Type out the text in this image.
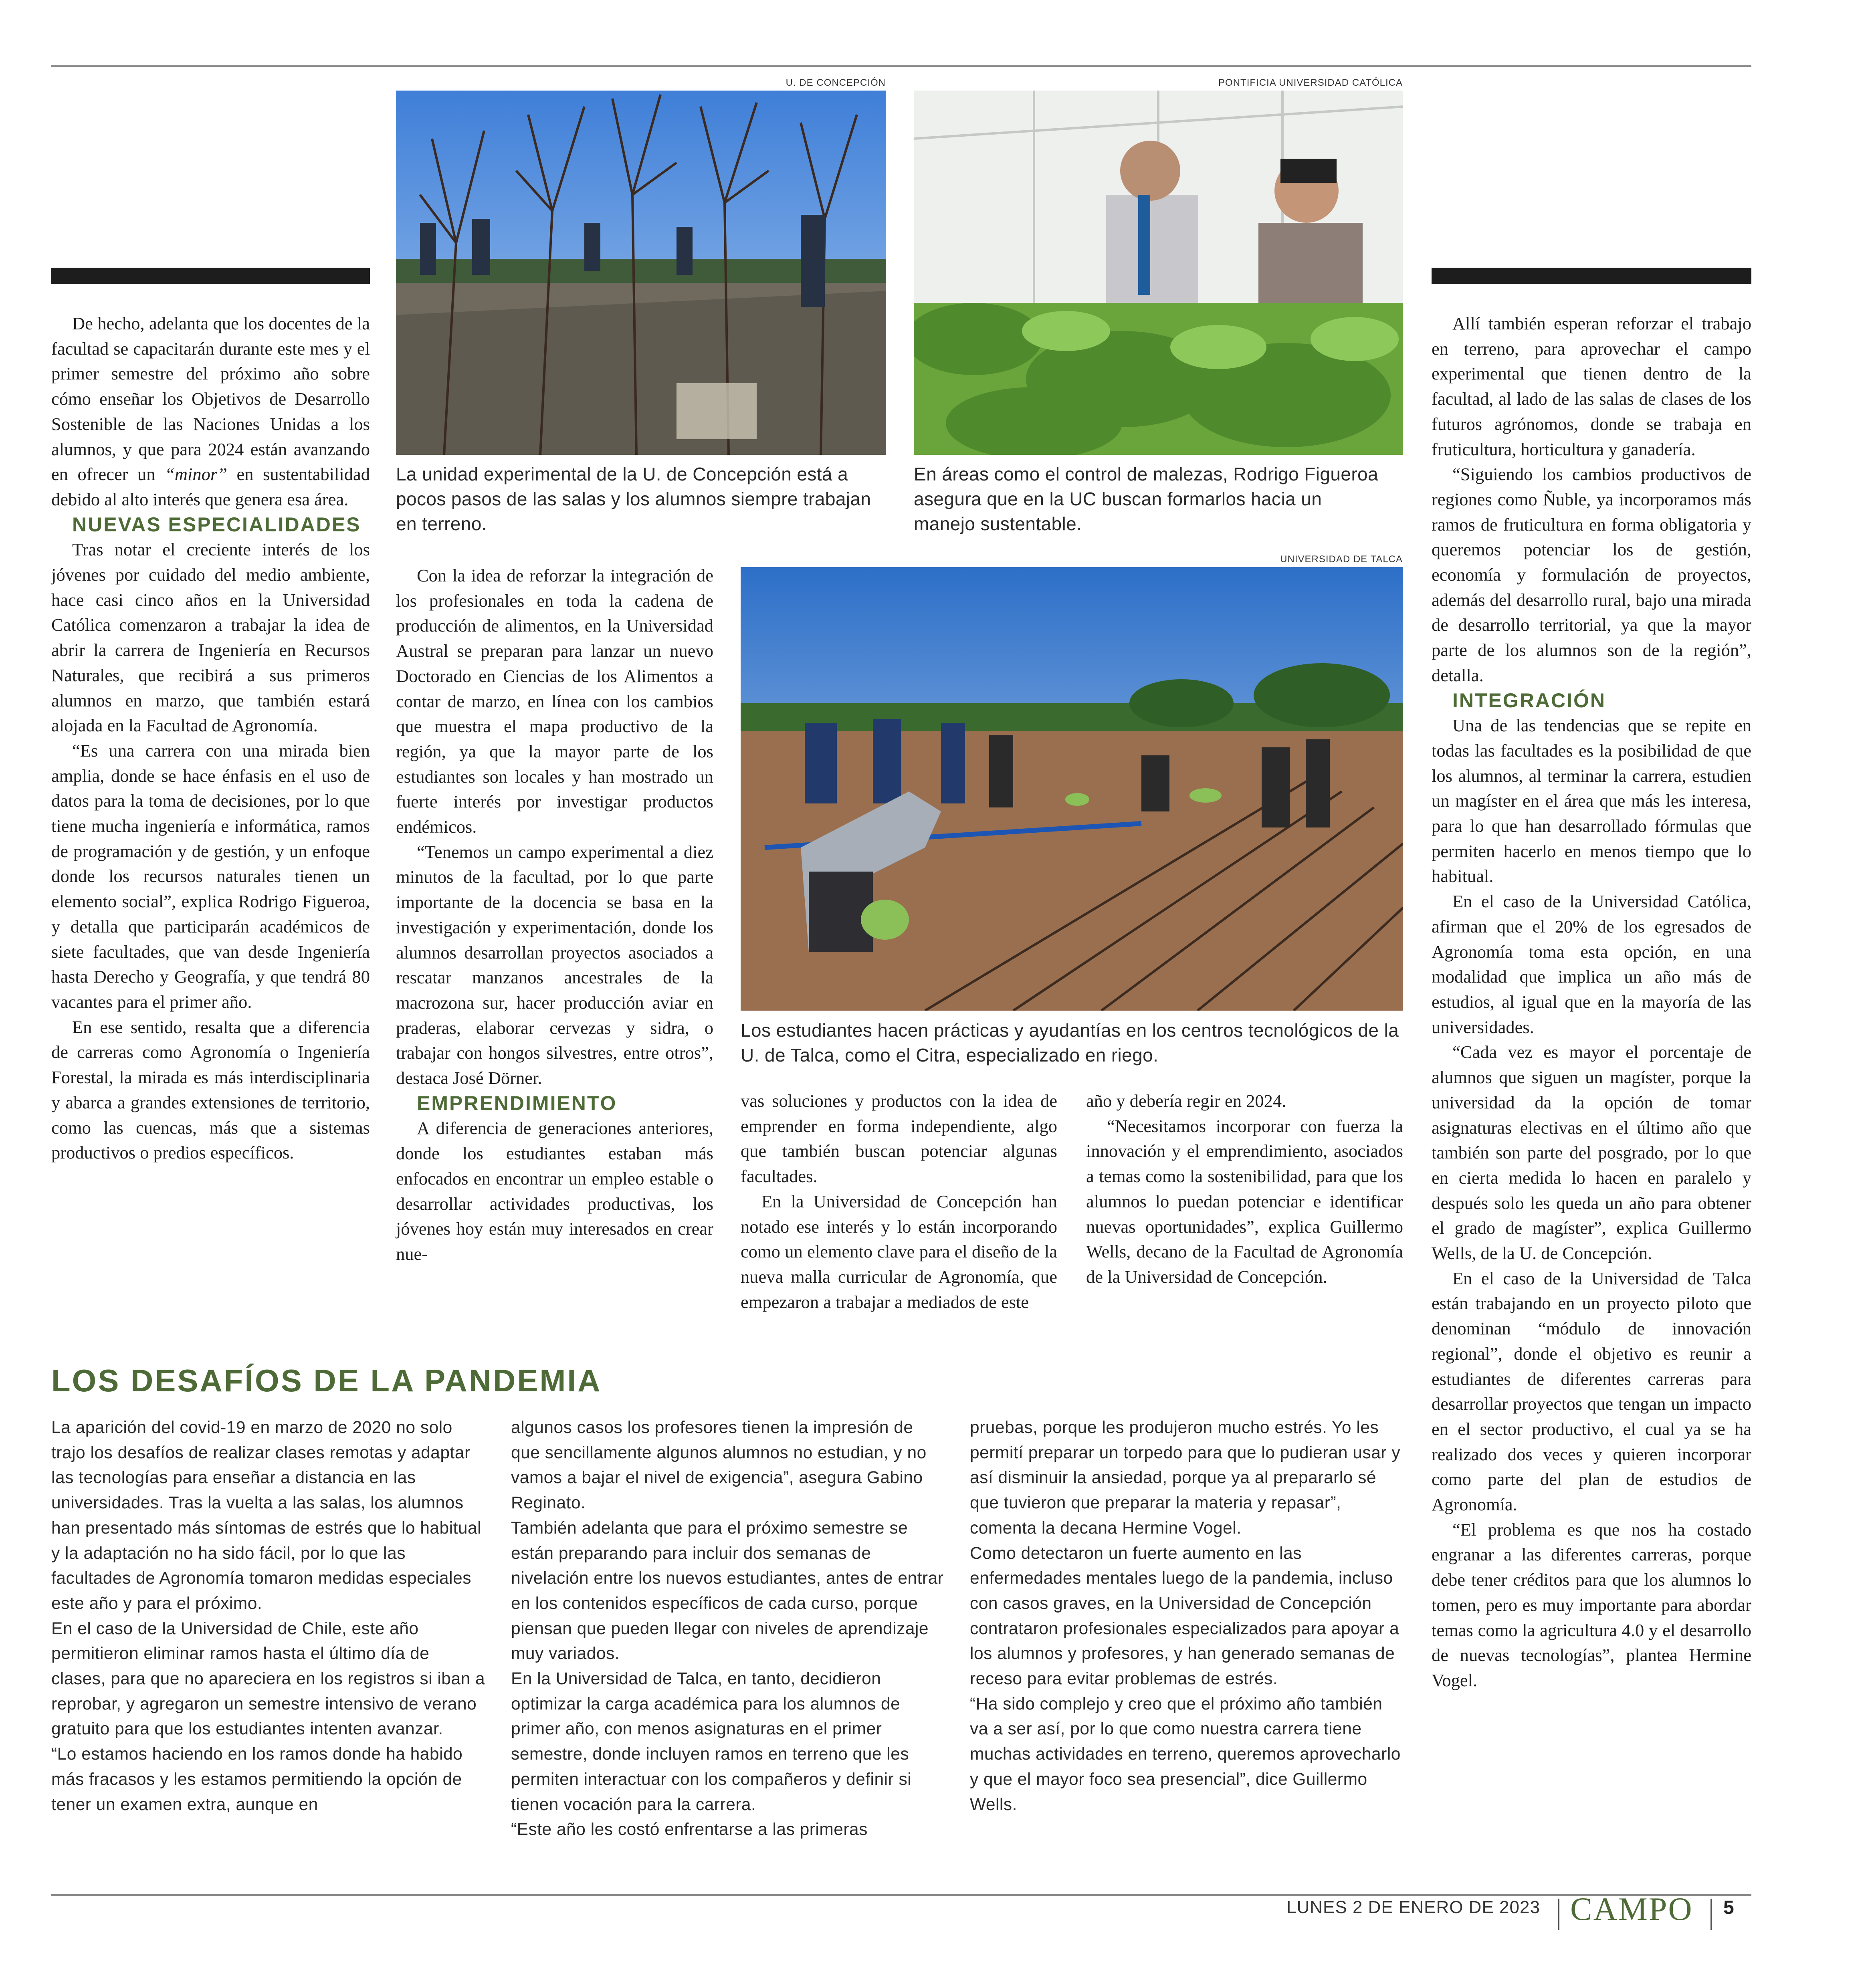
U. DE CONCEPCIÓN
La unidad experimental de la U. de Concepción está a pocos pasos de las salas y los alumnos siempre trabajan en terreno.
PONTIFICIA UNIVERSIDAD CATÓLICA
En áreas como el control de malezas, Rodrigo Figueroa asegura que en la UC buscan formarlos hacia un manejo sustentable.
UNIVERSIDAD DE TALCA
Los estudiantes hacen prácticas y ayudantías en los centros tecnológicos de la U. de Talca, como el Citra, especializado en riego.

De hecho, adelanta que los docentes de la facultad se capacitarán durante este mes y el primer semestre del próximo año sobre cómo enseñar los Objetivos de Desarrollo Sostenible de las Naciones Unidas a los alumnos, y que para 2024 están avanzando en ofrecer un “minor” en sustentabilidad debido al alto interés que genera esa área.

NUEVAS ESPECIALIDADES

Tras notar el creciente interés de los jóvenes por cuidado del medio ambiente, hace casi cinco años en la Universidad Católica comenzaron a trabajar la idea de abrir la carrera de Ingeniería en Recursos Naturales, que recibirá a sus primeros alumnos en marzo, que también estará alojada en la Facultad de Agronomía.

“Es una carrera con una mirada bien amplia, donde se hace énfasis en el uso de datos para la toma de decisiones, por lo que tiene mucha ingeniería e informática, ramos de programación y de gestión, y un enfoque donde los recursos naturales tienen un elemento social”, explica Rodrigo Figueroa, y detalla que participarán académicos de siete facultades, que van desde Ingeniería hasta Derecho y Geografía, y que tendrá 80 vacantes para el primer año.

En ese sentido, resalta que a diferencia de carreras como Agronomía o Ingeniería Forestal, la mirada es más interdisciplinaria y abarca a grandes extensiones de territorio, como las cuencas, más que a sistemas productivos o predios específicos.

Con la idea de reforzar la integración de los profesionales en toda la cadena de producción de alimentos, en la Universidad Austral se preparan para lanzar un nuevo Doctorado en Ciencias de los Alimentos a contar de marzo, en línea con los cambios que muestra el mapa productivo de la región, ya que la mayor parte de los estudiantes son locales y han mostrado un fuerte interés por investigar productos endémicos.

“Tenemos un campo experimental a diez minutos de la facultad, por lo que parte importante de la docencia se basa en la investigación y experimentación, donde los alumnos desarrollan proyectos asociados a rescatar manzanos ancestrales de la macrozona sur, hacer producción aviar en praderas, elaborar cervezas y sidra, o trabajar con hongos silvestres, entre otros”, destaca José Dörner.

EMPRENDIMIENTO

A diferencia de generaciones anteriores, donde los estudiantes estaban más enfocados en encontrar un empleo estable o desarrollar actividades productivas, los jóvenes hoy están muy interesados en crear nue-

vas soluciones y productos con la idea de emprender en forma independiente, algo que también buscan potenciar algunas facultades.

En la Universidad de Concepción han notado ese interés y lo están incorporando como un elemento clave para el diseño de la nueva malla curricular de Agronomía, que empezaron a trabajar a mediados de este

año y debería regir en 2024.

“Necesitamos incorporar con fuerza la innovación y el emprendimiento, asociados a temas como la sostenibilidad, para que los alumnos lo puedan potenciar e identificar nuevas oportunidades”, explica Guillermo Wells, decano de la Facultad de Agronomía de la Universidad de Concepción.

Allí también esperan reforzar el trabajo en terreno, para aprovechar el campo experimental que tienen dentro de la facultad, al lado de las salas de clases de los futuros agrónomos, donde se trabaja en fruticultura, horticultura y ganadería.

“Siguiendo los cambios productivos de regiones como Ñuble, ya incorporamos más ramos de fruticultura en forma obligatoria y queremos potenciar los de gestión, economía y formulación de proyectos, además del desarrollo rural, bajo una mirada de desarrollo territorial, ya que la mayor parte de los alumnos son de la región”, detalla.

INTEGRACIÓN

Una de las tendencias que se repite en todas las facultades es la posibilidad de que los alumnos, al terminar la carrera, estudien un magíster en el área que más les interesa, para lo que han desarrollado fórmulas que permiten hacerlo en menos tiempo que lo habitual.

En el caso de la Universidad Católica, afirman que el 20% de los egresados de Agronomía toma esta opción, en una modalidad que implica un año más de estudios, al igual que en la mayoría de las universidades.

“Cada vez es mayor el porcentaje de alumnos que siguen un magíster, porque la universidad da la opción de tomar asignaturas electivas en el último año que también son parte del posgrado, por lo que en cierta medida lo hacen en paralelo y después solo les queda un año para obtener el grado de magíster”, explica Guillermo Wells, de la U. de Concepción.

En el caso de la Universidad de Talca están trabajando en un proyecto piloto que denominan “módulo de innovación regional”, donde el objetivo es reunir a estudiantes de diferentes carreras para desarrollar proyectos que tengan un impacto en el sector productivo, el cual ya se ha realizado dos veces y quieren incorporar como parte del plan de estudios de Agronomía.

“El problema es que nos ha costado engranar a las diferentes carreras, porque debe tener créditos para que los alumnos lo tomen, pero es muy importante para abordar temas como la agricultura 4.0 y el desarrollo de nuevas tecnologías”, plantea Hermine Vogel.

LOS DESAFÍOS DE LA PANDEMIA

La aparición del covid-19 en marzo de 2020 no solo trajo los desafíos de realizar clases remotas y adaptar las tecnologías para enseñar a distancia en las universidades. Tras la vuelta a las salas, los alumnos han presentado más síntomas de estrés que lo habitual y la adaptación no ha sido fácil, por lo que las facultades de Agronomía tomaron medidas especiales este año y para el próximo.

En el caso de la Universidad de Chile, este año permitieron eliminar ramos hasta el último día de clases, para que no apareciera en los registros si iban a reprobar, y agregaron un semestre intensivo de verano gratuito para que los estudiantes intenten avanzar.

“Lo estamos haciendo en los ramos donde ha habido más fracasos y les estamos permitiendo la opción de tener un examen extra, aunque en

algunos casos los profesores tienen la impresión de que sencillamente algunos alumnos no estudian, y no vamos a bajar el nivel de exigencia”, asegura Gabino Reginato.

También adelanta que para el próximo semestre se están preparando para incluir dos semanas de nivelación entre los nuevos estudiantes, antes de entrar en los contenidos específicos de cada curso, porque piensan que pueden llegar con niveles de aprendizaje muy variados.

En la Universidad de Talca, en tanto, decidieron optimizar la carga académica para los alumnos de primer año, con menos asignaturas en el primer semestre, donde incluyen ramos en terreno que les permiten interactuar con los compañeros y definir si tienen vocación para la carrera.

“Este año les costó enfrentarse a las primeras

pruebas, porque les produjeron mucho estrés. Yo les permití preparar un torpedo para que lo pudieran usar y así disminuir la ansiedad, porque ya al prepararlo sé que tuvieron que preparar la materia y repasar”, comenta la decana Hermine Vogel.

Como detectaron un fuerte aumento en las enfermedades mentales luego de la pandemia, incluso con casos graves, en la Universidad de Concepción contrataron profesionales especializados para apoyar a los alumnos y profesores, y han generado semanas de receso para evitar problemas de estrés.

“Ha sido complejo y creo que el próximo año también va a ser así, por lo que como nuestra carrera tiene muchas actividades en terreno, queremos aprovecharlo y que el mayor foco sea presencial”, dice Guillermo Wells.

LUNES 2 DE ENERO DE 2023 CAMPO 5
